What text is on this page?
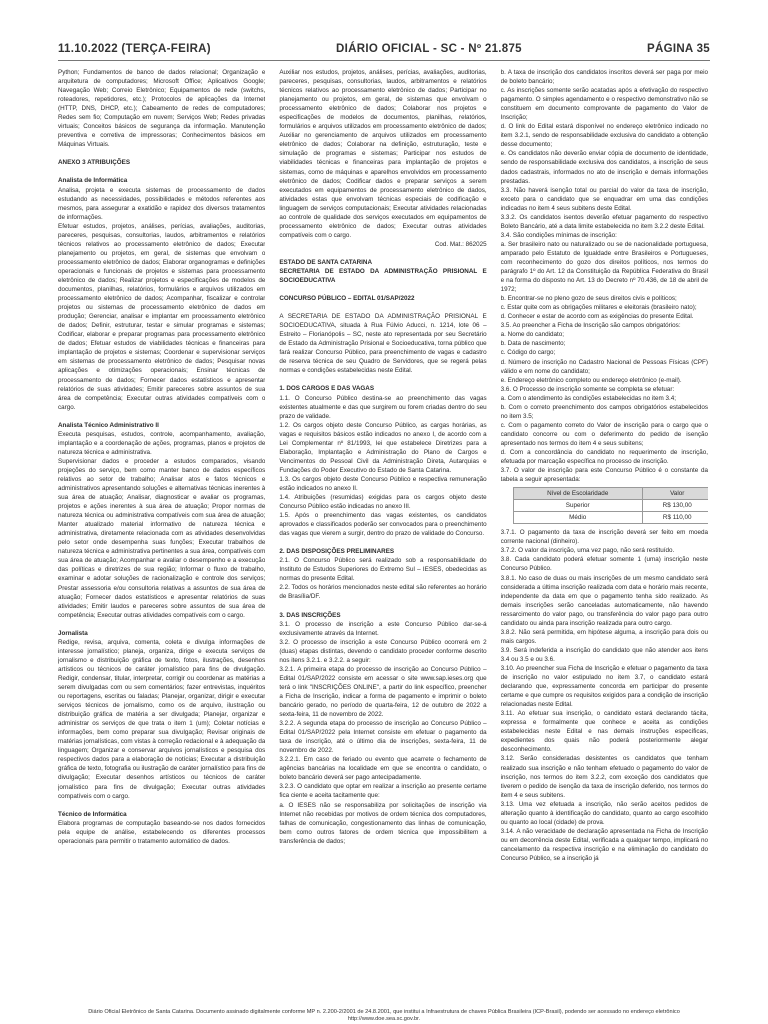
11.10.2022 (TERÇA-FEIRA)	DIÁRIO OFICIAL - SC - Nº 21.875	PÁGINA 35

Python; Fundamentos de banco de dados relacional; Organização e arquitetura de computadores; Microsoft Office; Aplicativos Google; Navegação Web; Correio Eletrônico; Equipamentos de rede (switchs, roteadores, repetidores, etc.); Protocolos de aplicações da Internet (HTTP, DNS, DHCP, etc.); Cabeamento de redes de computadores; Redes sem fio; Computação em nuvem; Serviços Web; Redes privadas virtuais; Conceitos básicos de segurança da informação. Manutenção preventiva e corretiva de impressoras; Conhecimentos básicos em Máquinas Virtuais.

ANEXO 3 ATRIBUIÇÕES

Analista de Informática

Analisa, projeta e executa sistemas de processamento de dados estudando as necessidades, possibilidades e métodos referentes aos mesmos, para assegurar a exatidão e rapidez dos diversos tratamentos de informações.

Efetuar estudos, projetos, análises, perícias, avaliações, auditorias, pareceres, pesquisas, consultorias, laudos, arbitramentos e relatórios técnicos relativos ao processamento eletrônico de dados; Executar planejamento ou projetos, em geral, de sistemas que envolvam o processamento eletrônico de dados; Elaborar organogramas e definições operacionais e funcionais de projetos e sistemas para processamento eletrônico de dados; Realizar projetos e especificações de modelos de documentos, planilhas, relatórios, formulários e arquivos utilizados em processamento eletrônico de dados; Acompanhar, fiscalizar e controlar projetos ou sistemas de processamento eletrônico de dados em produção; Gerenciar, analisar e implantar em processamento eletrônico de dados; Definir, estruturar, testar e simular programas e sistemas; Codificar, elaborar e preparar programas para processamento eletrônico de dados; Efetuar estudos de viabilidades técnicas e financeiras para implantação de projetos e sistemas; Coordenar e supervisionar serviços em sistemas de processamento eletrônico de dados; Pesquisar novas aplicações e otimizações operacionais; Ensinar técnicas de processamento de dados; Fornecer dados estatísticos e apresentar relatórios de suas atividades; Emitir pareceres sobre assuntos de sua área de competência; Executar outras atividades compatíveis com o cargo.

Analista Técnico Administrativo II

Executa pesquisas, estudos, controle, acompanhamento, avaliação, implantação e a coordenação de ações, programas, planos e projetos de natureza técnica e administrativa.

Supervisionar dados e proceder a estudos comparados, visando projeções do serviço, bem como manter banco de dados específicos relativos ao setor de trabalho; Analisar atos e fatos técnicos e administrativos apresentando soluções e alternativas técnicas inerentes à sua área de atuação; Analisar, diagnosticar e avaliar os programas, projetos e ações inerentes à sua área de atuação; Propor normas de natureza técnica ou administrativa compatíveis com sua área de atuação; Manter atualizado material informativo de natureza técnica e administrativa, diretamente relacionada com as atividades desenvolvidas pelo setor onde desempenha suas funções; Executar trabalhos de natureza técnica e administrativa pertinentes a sua área, compatíveis com sua área de atuação; Acompanhar e avaliar o desempenho e a execução das políticas e diretrizes de sua região; Informar o fluxo de trabalho, examinar e adotar soluções de racionalização e controle dos serviços; Prestar assessoria e/ou consultoria relativas a assuntos de sua área de atuação; Fornecer dados estatísticos e apresentar relatórios de suas atividades; Emitir laudos e pareceres sobre assuntos de sua área de competência; Executar outras atividades compatíveis com o cargo.

Jornalista

Redige, revisa, arquiva, comenta, coleta e divulga informações de interesse jornalístico; planeja, organiza, dirige e executa serviços de jornalismo e distribuição gráfica de texto, fotos, ilustrações, desenhos artísticos ou técnicos de caráter jornalístico para fins de divulgação. Redigir, condensar, titular, interpretar, corrigir ou coordenar as matérias a serem divulgadas com ou sem comentários; fazer entrevistas, inquéritos ou reportagens, escritas ou faladas; Planejar, organizar, dirigir e executar serviços técnicos de jornalismo, como os de arquivo, ilustração ou distribuição gráfica de matéria a ser divulgada; Planejar, organizar e administrar os serviços de que trata o item 1 (um); Coletar notícias e informações, bem como preparar sua divulgação; Revisar originais de matérias jornalísticas, com vistas à correção redacional e à adequação da linguagem; Organizar e conservar arquivos jornalísticos e pesquisa dos respectivos dados para a elaboração de notícias; Executar a distribuição gráfica de texto, fotografia ou ilustração de caráter jornalístico para fins de divulgação; Executar desenhos artísticos ou técnicos de caráter jornalístico para fins de divulgação; Executar outras atividades compatíveis com o cargo.

Técnico de Informática

Elabora programas de computação baseando-se nos dados fornecidos pela equipe de análise, estabelecendo os diferentes processos operacionais para permitir o tratamento automático de dados.

Auxiliar nos estudos, projetos, análises, perícias, avaliações, auditorias, pareceres, pesquisas, consultorias, laudos, arbitramentos e relatórios técnicos relativos ao processamento eletrônico de dados; Participar no planejamento ou projetos, em geral, de sistemas que envolvam o processamento eletrônico de dados; Colaborar nos projetos e especificações de modelos de documentos, planilhas, relatórios, formulários e arquivos utilizados em processamento eletrônico de dados; Auxiliar no gerenciamento de arquivos utilizados em processamento eletrônico de dados; Colaborar na definição, estruturação, teste e simulação de programas e sistemas; Participar nos estudos de viabilidades técnicas e financeiras para implantação de projetos e sistemas, como de máquinas e aparelhos envolvidos em processamento eletrônico de dados; Codificar dados e preparar serviços a serem executados em equipamentos de processamento eletrônico de dados, atividades estas que envolvam técnicas especiais de codificação e linguagem de serviços computacionais; Executar atividades relacionadas ao controle de qualidade dos serviços executados em equipamentos de processamento eletrônico de dados; Executar outras atividades compatíveis com o cargo.

Cod. Mat.: 862025

ESTADO DE SANTA CATARINA

SECRETARIA DE ESTADO DA ADMINISTRAÇÃO PRISIONAL E SOCIOEDUCATIVA

CONCURSO PÚBLICO – EDITAL 01/SAP/2022

A SECRETARIA DE ESTADO DA ADMINISTRAÇÃO PRISIONAL E SOCIOEDUCATIVA, situada à Rua Fúlvio Aducci, n. 1214, lote 06 – Estreito – Florianópolis – SC, neste ato representada por seu Secretário de Estado da Administração Prisional e Socioeducativa, torna público que fará realizar Concurso Público, para preenchimento de vagas e cadastro de reserva técnica de seu Quadro de Servidores, que se regerá pelas normas e condições estabelecidas neste Edital.

1. DOS CARGOS E DAS VAGAS

1.1. O Concurso Público destina-se ao preenchimento das vagas existentes atualmente e das que surgirem ou forem criadas dentro do seu prazo de validade.

1.2. Os cargos objeto deste Concurso Público, as cargas horárias, as vagas e requisitos básicos estão indicados no anexo I, de acordo com a Lei Complementar nº 81/1993, lei que estabelece Diretrizes para a Elaboração, Implantação e Administração do Plano de Cargos e Vencimentos do Pessoal Civil da Administração Direta, Autarquias e Fundações do Poder Executivo do Estado de Santa Catarina.

1.3. Os cargos objeto deste Concurso Público e respectiva remuneração estão indicados no anexo II.

1.4. Atribuições (resumidas) exigidas para os cargos objeto deste Concurso Público estão indicadas no anexo III.

1.5. Após o preenchimento das vagas existentes, os candidatos aprovados e classificados poderão ser convocados para o preenchimento das vagas que vierem a surgir, dentro do prazo de validade do Concurso.

2. DAS DISPOSIÇÕES PRELIMINARES

2.1. O Concurso Público será realizado sob a responsabilidade do Instituto de Estudos Superiores do Extremo Sul – IESES, obedecidas as normas do presente Edital.

2.2. Todos os horários mencionados neste edital são referentes ao horário de Brasília/DF.

3. DAS INSCRIÇÕES

3.1. O processo de inscrição a este Concurso Público dar-se-á exclusivamente através da Internet.

3.2. O processo de inscrição a este Concurso Público ocorrerá em 2 (duas) etapas distintas, devendo o candidato proceder conforme descrito nos itens 3.2.1. e 3.2.2. a seguir:

3.2.1. A primeira etapa do processo de inscrição ao Concurso Público – Edital 01/SAP/2022 consiste em acessar o site www.sap.ieses.org que terá o link "INSCRIÇÕES ONLINE", a partir do link específico, preencher a Ficha de Inscrição, indicar a forma de pagamento e imprimir o boleto bancário gerado, no período de quarta-feira, 12 de outubro de 2022 a sexta-feira, 11 de novembro de 2022.

3.2.2. A segunda etapa do processo de inscrição ao Concurso Público – Edital 01/SAP/2022 pela Internet consiste em efetuar o pagamento da taxa de inscrição, até o último dia de inscrições, sexta-feira, 11 de novembro de 2022.

3.2.2.1. Em caso de feriado ou evento que acarrete o fechamento de agências bancárias na localidade em que se encontra o candidato, o boleto bancário deverá ser pago antecipadamente.

3.2.3. O candidato que optar em realizar a inscrição ao presente certame fica ciente e aceita tacitamente que:

a. O IESES não se responsabiliza por solicitações de inscrição via Internet não recebidas por motivos de ordem técnica dos computadores, falhas de comunicação, congestionamento das linhas de comunicação, bem como outros fatores de ordem técnica que impossibilitem a transferência de dados;

b. A taxa de inscrição dos candidatos inscritos deverá ser paga por meio de boleto bancário;

c. As inscrições somente serão acatadas após a efetivação do respectivo pagamento. O simples agendamento e o respectivo demonstrativo não se constituem em documento comprovante de pagamento do Valor de Inscrição;

d. O link do Edital estará disponível no endereço eletrônico indicado no item 3.2.1, sendo de responsabilidade exclusiva do candidato a obtenção desse documento;

e. Os candidatos não deverão enviar cópia de documento de identidade, sendo de responsabilidade exclusiva dos candidatos, a inscrição de seus dados cadastrais, informados no ato de inscrição e demais informações prestadas.

3.3. Não haverá isenção total ou parcial do valor da taxa de inscrição, exceto para o candidato que se enquadrar em uma das condições indicadas no item 4 seus subitens deste Edital.

3.3.2. Os candidatos isentos deverão efetuar pagamento do respectivo Boleto Bancário, até a data limite estabelecida no item 3.2.2 deste Edital.

3.4. São condições mínimas de inscrição:

a. Ser brasileiro nato ou naturalizado ou se de nacionalidade portuguesa, amparado pelo Estatuto de Igualdade entre Brasileiros e Portugueses, com reconhecimento do gozo dos direitos políticos, nos termos do parágrafo 1º do Art. 12 da Constituição da República Federativa do Brasil e na forma do disposto no Art. 13 do Decreto nº 70.436, de 18 de abril de 1972;

b. Encontrar-se no pleno gozo de seus direitos civis e políticos;

c. Estar quite com as obrigações militares e eleitorais (brasileiro nato);

d. Conhecer e estar de acordo com as exigências do presente Edital.

3.5. Ao preencher a Ficha de Inscrição são campos obrigatórios:

a. Nome do candidato;

b. Data de nascimento;

c. Código do cargo;

d. Número de inscrição no Cadastro Nacional de Pessoas Físicas (CPF) válido e em nome do candidato;

e. Endereço eletrônico completo ou endereço eletrônico (e-mail).

3.6. O Processo de inscrição somente se completa se efetuar:

a. Com o atendimento às condições estabelecidas no item 3.4;

b. Com o correto preenchimento dos campos obrigatórios estabelecidos no item 3.5;

c. Com o pagamento correto do Valor de inscrição para o cargo que o candidato concorre ou com o deferimento do pedido de isenção apresentado nos termos do item 4 e seus subitens;

d. Com a concordância do candidato no requerimento de inscrição, efetuada por marcação específica no processo de inscrição.

3.7. O valor de inscrição para este Concurso Público é o constante da tabela a seguir apresentada:

Nível de Escolaridade	Valor
Superior	R$ 130,00
Médio	R$ 110,00

3.7.1. O pagamento da taxa de inscrição deverá ser feito em moeda corrente nacional (dinheiro).

3.7.2. O valor da inscrição, uma vez pago, não será restituído.

3.8. Cada candidato poderá efetuar somente 1 (uma) inscrição neste Concurso Público.

3.8.1. No caso de duas ou mais inscrições de um mesmo candidato será considerada a última inscrição realizada com data e horário mais recente, independente da data em que o pagamento tenha sido realizado. As demais inscrições serão canceladas automaticamente, não havendo ressarcimento do valor pago, ou transferência do valor pago para outro candidato ou ainda para inscrição realizada para outro cargo.

3.8.2. Não será permitida, em hipótese alguma, a inscrição para dois ou mais cargos.

3.9. Será indeferida a inscrição do candidato que não atender aos itens 3.4 ou 3.5 e ou 3.6.

3.10. Ao preencher sua Ficha de Inscrição e efetuar o pagamento da taxa de inscrição no valor estipulado no item 3.7, o candidato estará declarando que, expressamente concorda em participar do presente certame e que cumpre os requisitos exigidos para a condição de inscrição relacionadas neste Edital.

3.11. Ao efetuar sua inscrição, o candidato estará declarando tácita, expressa e formalmente que conhece e aceita as condições estabelecidas neste Edital e nas demais instruções específicas, expedientes dos quais não poderá posteriormente alegar desconhecimento.

3.12. Serão consideradas desistentes os candidatos que tenham realizado sua inscrição e não tenham efetuado o pagamento do valor de inscrição, nos termos do item 3.2.2, com exceção dos candidatos que tiverem o pedido de isenção da taxa de inscrição deferido, nos termos do item 4 e seus subitens.

3.13. Uma vez efetuada a inscrição, não serão aceitos pedidos de alteração quanto à identificação do candidato, quanto ao cargo escolhido ou quanto ao local (cidade) de prova.

3.14. A não veracidade de declaração apresentada na Ficha de Inscrição ou em decorrência deste Edital, verificada a qualquer tempo, implicará no cancelamento da respectiva inscrição e na eliminação do candidato do Concurso Público, se a inscrição já

Diário Oficial Eletrônico de Santa Catarina. Documento assinado digitalmente conforme MP n. 2.200-2/2001 de 24.8.2001, que institui a Infraestrutura de chaves Pública Brasileira (ICP-Brasil), podendo ser acessado no endereço eletrônico http://www.doe.sea.sc.gov.br.
